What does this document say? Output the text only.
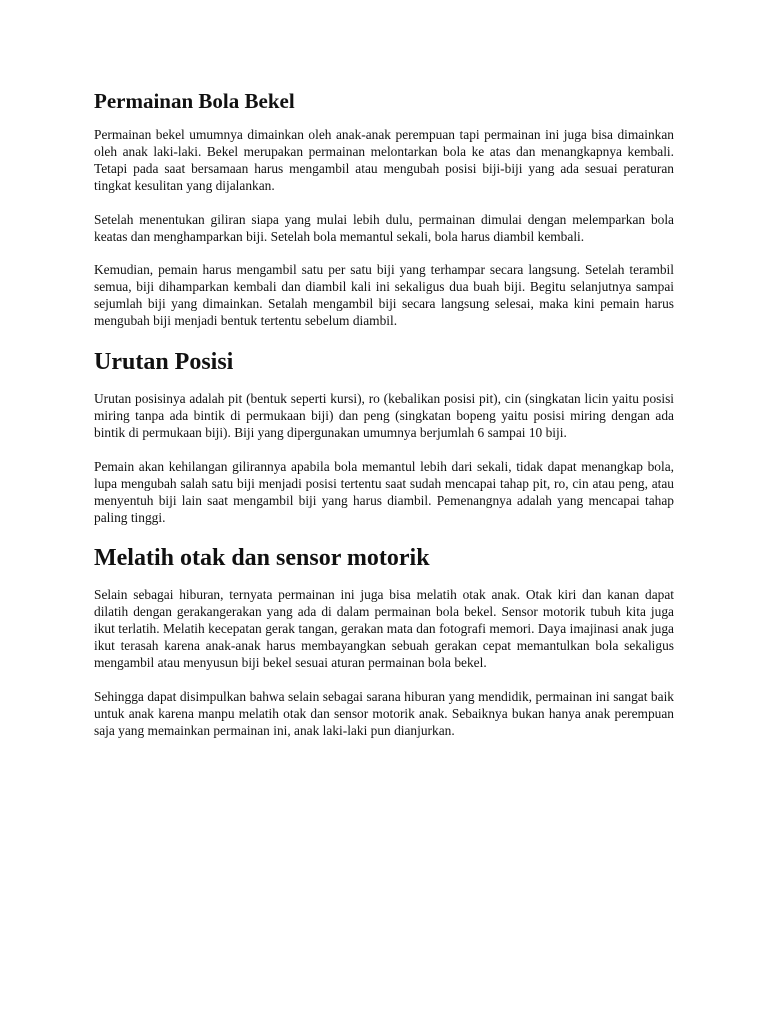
Permainan Bola Bekel

Permainan bekel umumnya dimainkan oleh anak-anak perempuan tapi permainan ini juga bisa dimainkan oleh anak laki-laki. Bekel merupakan permainan melontarkan bola ke atas dan menangkapnya kembali. Tetapi pada saat bersamaan harus mengambil atau mengubah posisi biji-biji yang ada sesuai peraturan tingkat kesulitan yang dijalankan.

Setelah menentukan giliran siapa yang mulai lebih dulu, permainan dimulai dengan melemparkan bola keatas dan menghamparkan biji. Setelah bola memantul sekali, bola harus diambil kembali.

Kemudian, pemain harus mengambil satu per satu biji yang terhampar secara langsung. Setelah terambil semua, biji dihamparkan kembali dan diambil kali ini sekaligus dua buah biji. Begitu selanjutnya sampai sejumlah biji yang dimainkan. Setalah mengambil biji secara langsung selesai, maka kini pemain harus mengubah biji menjadi bentuk tertentu sebelum diambil.

Urutan Posisi

Urutan posisinya adalah pit (bentuk seperti kursi), ro (kebalikan posisi pit), cin (singkatan licin yaitu posisi miring tanpa ada bintik di permukaan biji) dan peng (singkatan bopeng yaitu posisi miring dengan ada bintik di permukaan biji). Biji yang dipergunakan umumnya berjumlah 6 sampai 10 biji.

Pemain akan kehilangan gilirannya apabila bola memantul lebih dari sekali, tidak dapat menangkap bola, lupa mengubah salah satu biji menjadi posisi tertentu saat sudah mencapai tahap pit, ro, cin atau peng, atau menyentuh biji lain saat mengambil biji yang harus diambil. Pemenangnya adalah yang mencapai tahap paling tinggi.

Melatih otak dan sensor motorik

Selain sebagai hiburan, ternyata permainan ini juga bisa melatih otak anak. Otak kiri dan kanan dapat dilatih dengan gerakangerakan yang ada di dalam permainan bola bekel. Sensor motorik tubuh kita juga ikut terlatih. Melatih kecepatan gerak tangan, gerakan mata dan fotografi memori. Daya imajinasi anak juga ikut terasah karena anak-anak harus membayangkan sebuah gerakan cepat memantulkan bola sekaligus mengambil atau menyusun biji bekel sesuai aturan permainan bola bekel.

Sehingga dapat disimpulkan bahwa selain sebagai sarana hiburan yang mendidik, permainan ini sangat baik untuk anak karena manpu melatih otak dan sensor motorik anak. Sebaiknya bukan hanya anak perempuan saja yang memainkan permainan ini, anak laki-laki pun dianjurkan.
